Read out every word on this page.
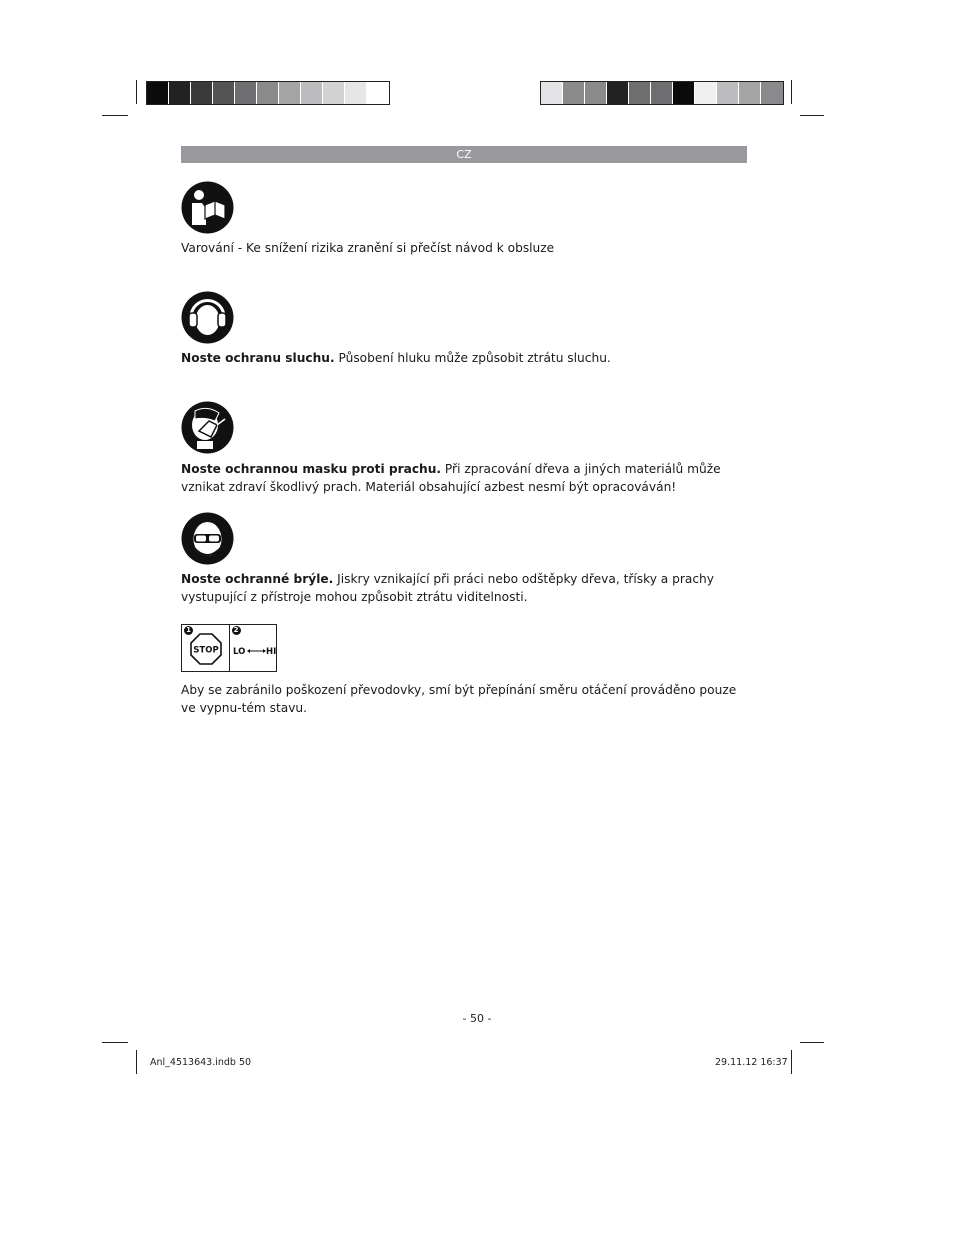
CZ
Varování - Ke snížení rizika zranění si přečíst návod k obsluze
Noste ochranu sluchu. Působení hluku může způsobit ztrátu sluchu.
Noste ochrannou masku proti prachu. Při zpracování dřeva a jiných materiálů může vznikat zdraví škodlivý prach. Materiál obsahující azbest nesmí být opracováván!
Noste ochranné brýle. Jiskry vznikající při práci nebo odštěpky dřeva, třísky a prachy vystupující z přístroje mohou způsobit ztrátu viditelnosti.
1
STOP
2
LO HI
Aby se zabránilo poškození převodovky, smí být přepínání směru otáčení prováděno pouze ve vypnu-tém stavu.
- 50 -
Anl_4513643.indb 50	29.11.12 16:37
